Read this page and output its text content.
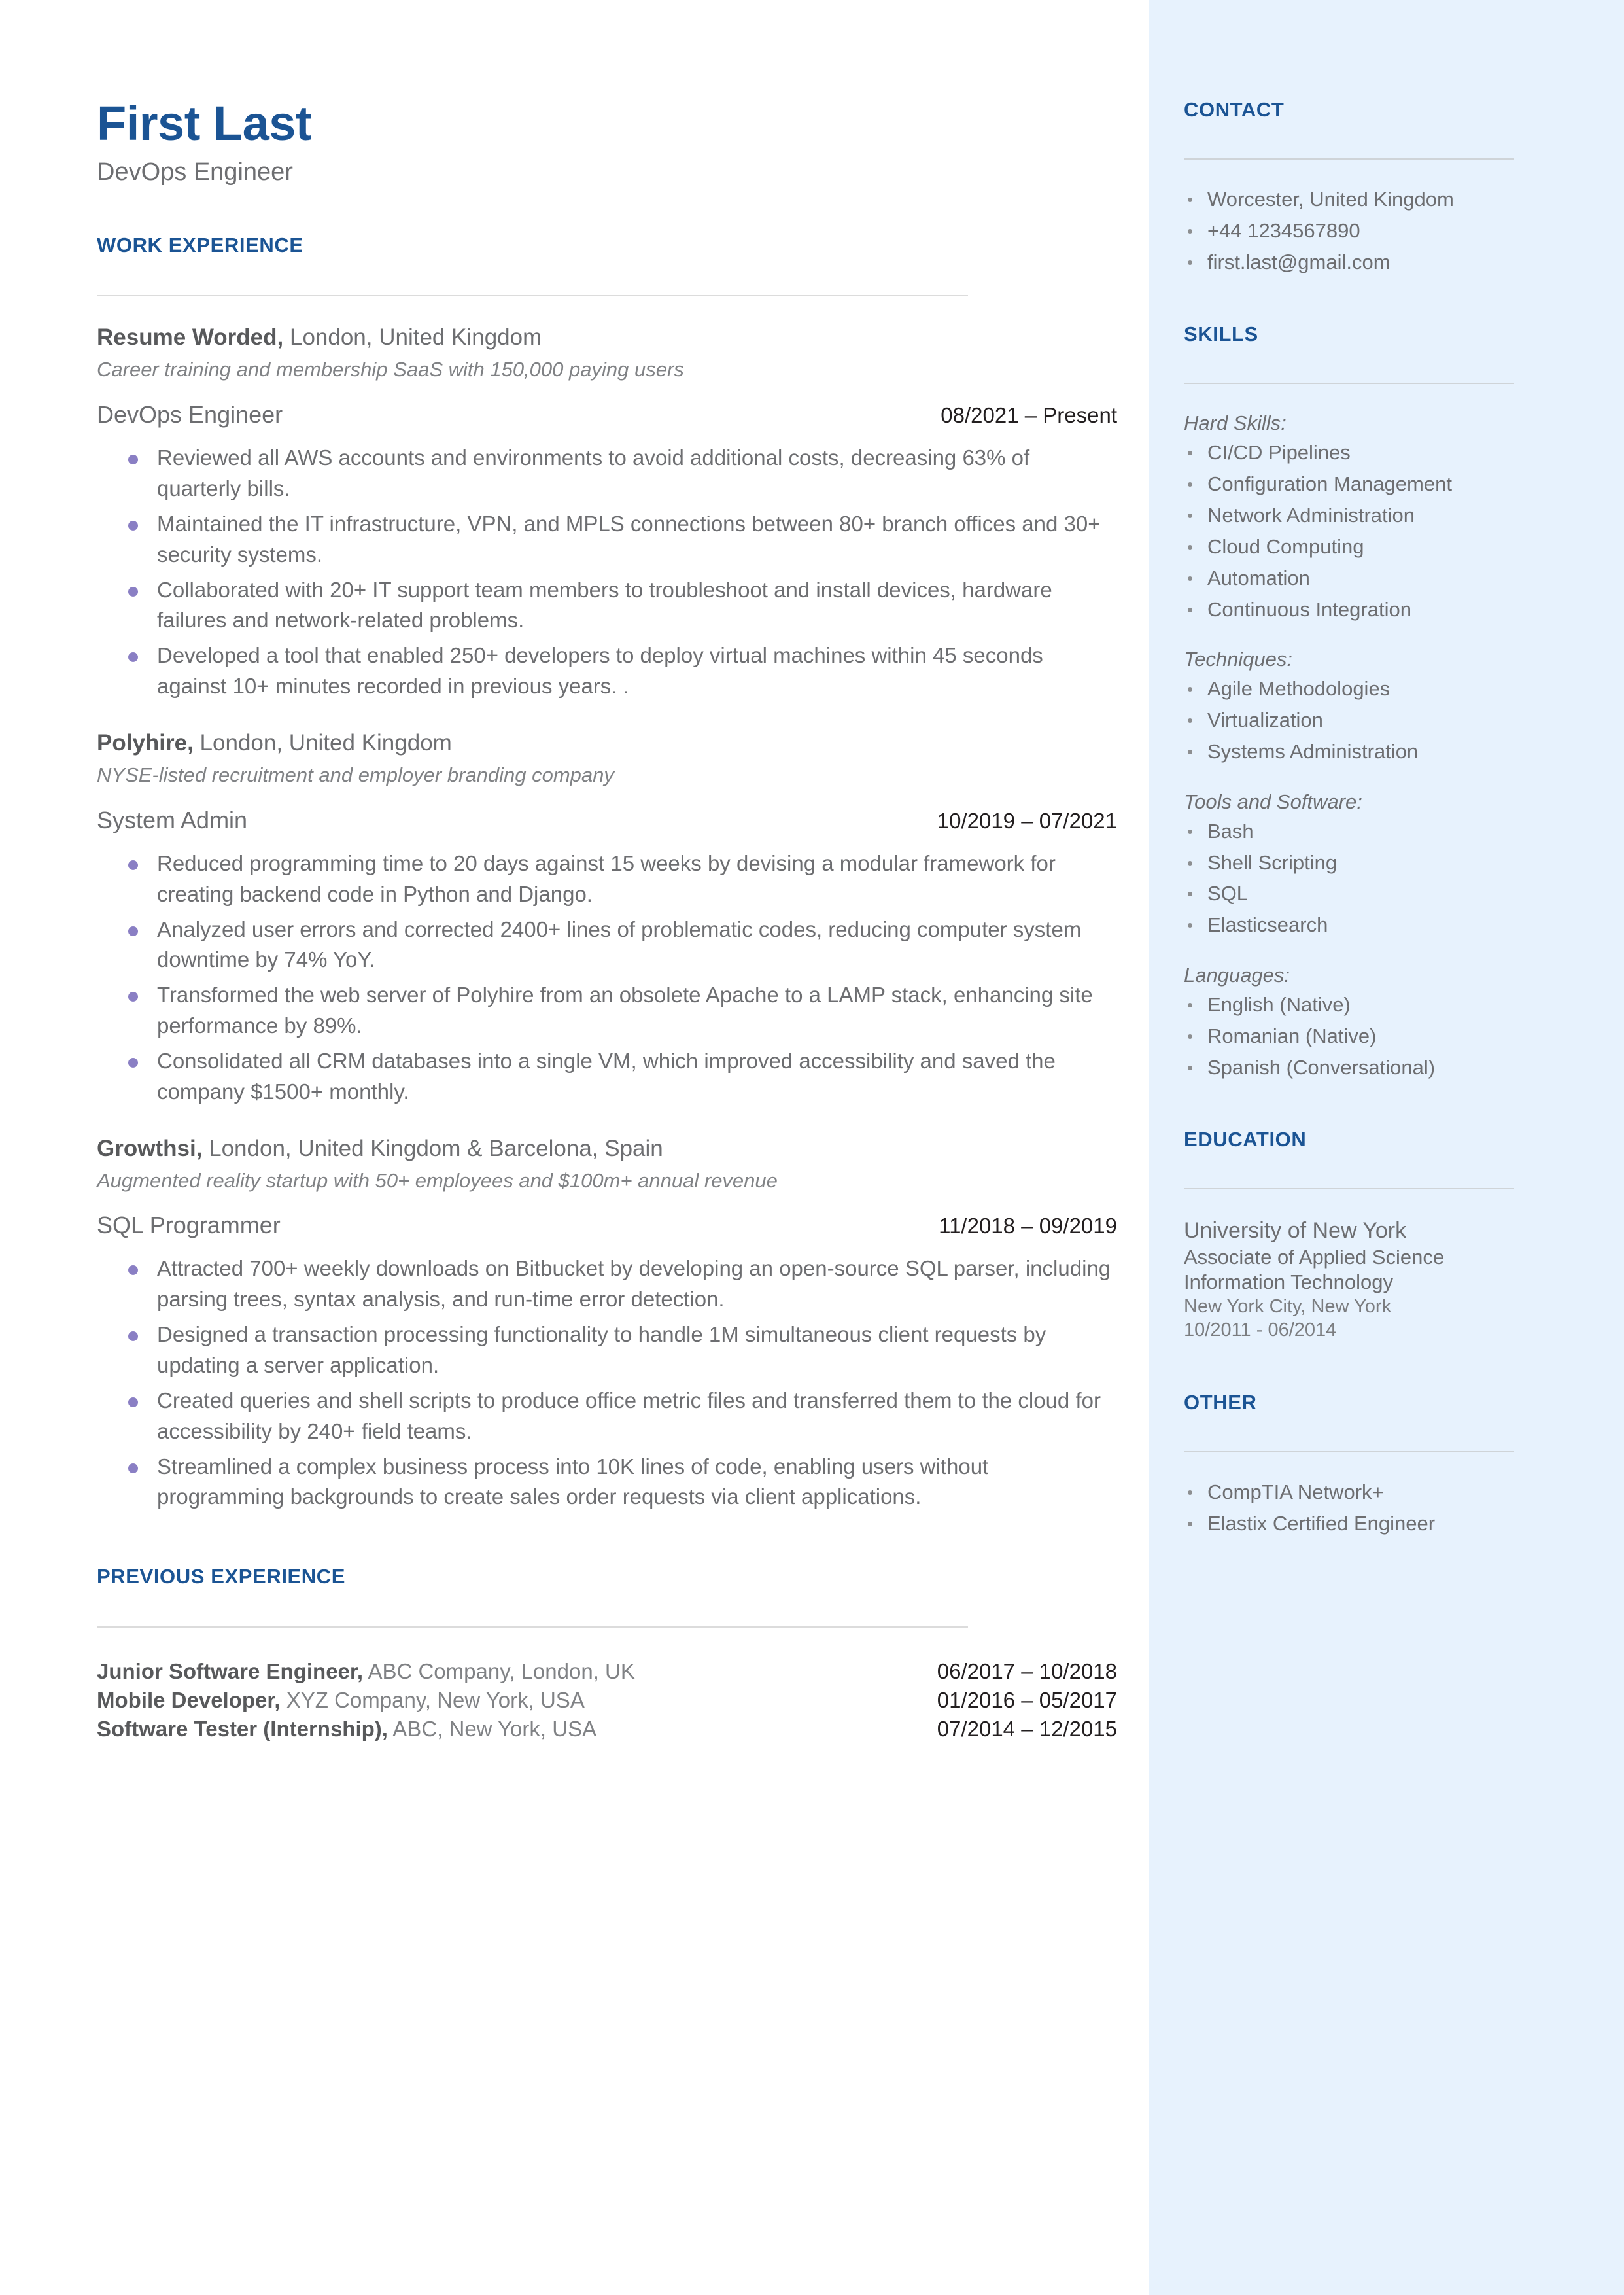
First Last
DevOps Engineer
WORK EXPERIENCE
Resume Worded, London, United Kingdom
Career training and membership SaaS with 150,000 paying users
DevOps Engineer	08/2021 – Present
Reviewed all AWS accounts and environments to avoid additional costs, decreasing 63% of quarterly bills.
Maintained the IT infrastructure, VPN, and MPLS connections between 80+ branch offices and 30+ security systems.
Collaborated with 20+ IT support team members to troubleshoot and install devices, hardware failures and network-related problems.
Developed a tool that enabled 250+ developers to deploy virtual machines within 45 seconds against 10+ minutes recorded in previous years. .
Polyhire, London, United Kingdom
NYSE-listed recruitment and employer branding company
System Admin	10/2019 – 07/2021
Reduced programming time to 20 days against 15 weeks by devising a modular framework for creating backend code in Python and Django.
Analyzed user errors and corrected 2400+ lines of problematic codes, reducing computer system downtime by 74% YoY.
Transformed the web server of Polyhire from an obsolete Apache to a LAMP stack, enhancing site performance by 89%.
Consolidated all CRM databases into a single VM, which improved accessibility and saved the company $1500+ monthly.
Growthsi, London, United Kingdom & Barcelona, Spain
Augmented reality startup with 50+ employees and $100m+ annual revenue
SQL Programmer	11/2018 – 09/2019
Attracted 700+ weekly downloads on Bitbucket by developing an open-source SQL parser, including parsing trees, syntax analysis, and run-time error detection.
Designed a transaction processing functionality to handle 1M simultaneous client requests by updating a server application.
Created queries and shell scripts to produce office metric files and transferred them to the cloud for accessibility by 240+ field teams.
Streamlined a complex business process into 10K lines of code, enabling users without programming backgrounds to create sales order requests via client applications.
PREVIOUS EXPERIENCE
Junior Software Engineer, ABC Company, London, UK	06/2017 – 10/2018
Mobile Developer, XYZ Company, New York, USA	01/2016 – 05/2017
Software Tester (Internship), ABC, New York, USA	07/2014 – 12/2015
CONTACT
Worcester, United Kingdom
+44 1234567890
first.last@gmail.com
SKILLS
Hard Skills:
CI/CD Pipelines
Configuration Management
Network Administration
Cloud Computing
Automation
Continuous Integration
Techniques:
Agile Methodologies
Virtualization
Systems Administration
Tools and Software:
Bash
Shell Scripting
SQL
Elasticsearch
Languages:
English (Native)
Romanian (Native)
Spanish (Conversational)
EDUCATION
University of New York
Associate of Applied Science
Information Technology
New York City, New York
10/2011 - 06/2014
OTHER
CompTIA Network+
Elastix Certified Engineer
